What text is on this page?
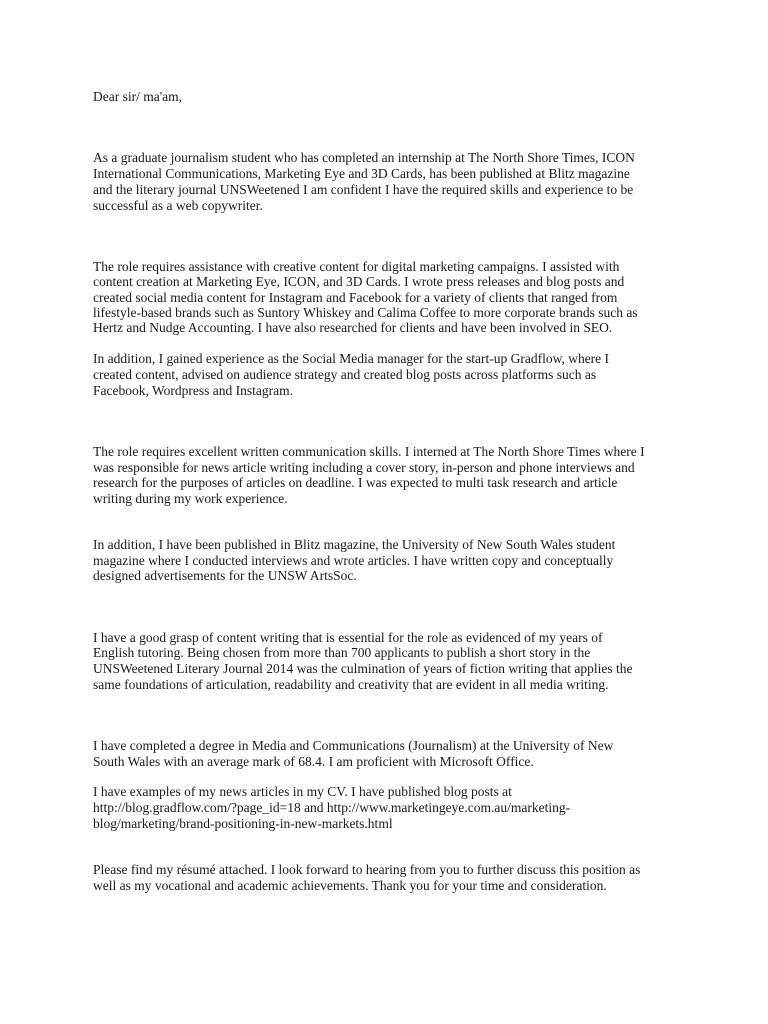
Dear sir/ ma'am,

As a graduate journalism student who has completed an internship at The North Shore Times, ICON

International Communications, Marketing Eye and 3D Cards, has been published at Blitz magazine

and the literary journal UNSWeetened I am confident I have the required skills and experience to be

successful as a web copywriter.

The role requires assistance with creative content for digital marketing campaigns. I assisted with

content creation at Marketing Eye, ICON, and 3D Cards. I wrote press releases and blog posts and

created social media content for Instagram and Facebook for a variety of clients that ranged from

lifestyle-based brands such as Suntory Whiskey and Calima Coffee to more corporate brands such as

Hertz and Nudge Accounting. I have also researched for clients and have been involved in SEO.

In addition, I gained experience as the Social Media manager for the start-up Gradflow, where I

created content, advised on audience strategy and created blog posts across platforms such as

Facebook, Wordpress and Instagram.

The role requires excellent written communication skills. I interned at The North Shore Times where I

was responsible for news article writing including a cover story, in-person and phone interviews and

research for the purposes of articles on deadline. I was expected to multi task research and article

writing during my work experience.

In addition, I have been published in Blitz magazine, the University of New South Wales student

magazine where I conducted interviews and wrote articles. I have written copy and conceptually

designed advertisements for the UNSW ArtsSoc.

I have a good grasp of content writing that is essential for the role as evidenced of my years of

English tutoring. Being chosen from more than 700 applicants to publish a short story in the

UNSWeetened Literary Journal 2014 was the culmination of years of fiction writing that applies the

same foundations of articulation, readability and creativity that are evident in all media writing.

I have completed a degree in Media and Communications (Journalism) at the University of New

South Wales with an average mark of 68.4. I am proficient with Microsoft Office.

I have examples of my news articles in my CV. I have published blog posts at

http://blog.gradflow.com/?page_id=18 and http://www.marketingeye.com.au/marketing-

blog/marketing/brand-positioning-in-new-markets.html

Please find my résumé attached. I look forward to hearing from you to further discuss this position as

well as my vocational and academic achievements. Thank you for your time and consideration.
